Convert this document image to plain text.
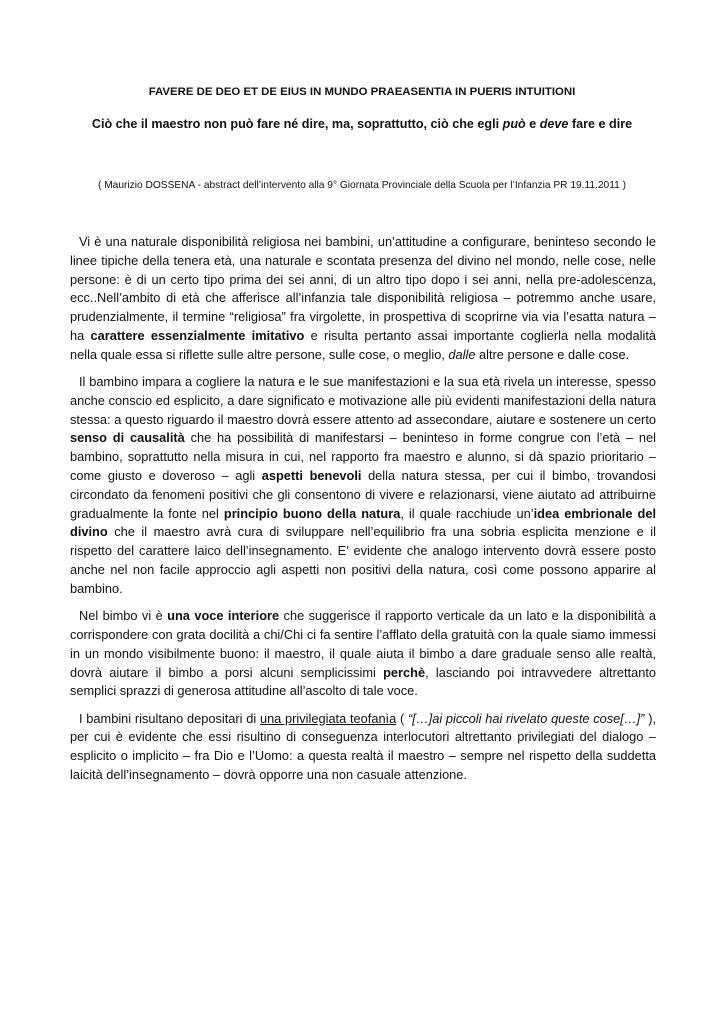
FAVERE DE DEO ET DE EIUS IN MUNDO PRAEASENTIA IN PUERIS INTUITIONI
Ciò che il maestro non può fare né dire, ma, soprattutto, ciò che egli può e deve fare e dire
( Maurizio DOSSENA - abstract dell’intervento alla 9° Giornata Provinciale della Scuola per l’Infanzia PR 19.11.2011 )

Vi è una naturale disponibilità religiosa nei bambini, un’attitudine a configurare, beninteso secondo le linee tipiche della tenera età, una naturale e scontata presenza del divino nel mondo, nelle cose, nelle persone: è di un certo tipo prima dei sei anni, di un altro tipo dopo i sei anni, nella pre-adolescenza, ecc..Nell’ambito di età che afferisce all’infanzia tale disponibilità religiosa – potremmo anche usare, prudenzialmente, il termine “religiosa” fra virgolette, in prospettiva di scoprirne via via l’esatta natura – ha carattere essenzialmente imitativo e risulta pertanto assai importante coglierla nella modalità nella quale essa si riflette sulle altre persone, sulle cose, o meglio, dalle altre persone e dalle cose.

Il bambino impara a cogliere la natura e le sue manifestazioni e la sua età rivela un interesse, spesso anche conscio ed esplicito, a dare significato e motivazione alle più evidenti manifestazioni della natura stessa: a questo riguardo il maestro dovrà essere attento ad assecondare, aiutare e sostenere un certo senso di causalità che ha possibilità di manifestarsi – beninteso in forme congrue con l’età – nel bambino, soprattutto nella misura in cui, nel rapporto fra maestro e alunno, si dà spazio prioritario – come giusto e doveroso – agli aspetti benevoli della natura stessa, per cui il bimbo, trovandosi circondato da fenomeni positivi che gli consentono di vivere e relazionarsi, viene aiutato ad attribuirne gradualmente la fonte nel principio buono della natura, il quale racchiude un’idea embrionale del divino che il maestro avrà cura di sviluppare nell’equilibrio fra una sobria esplicita menzione e il rispetto del carattere laico dell’insegnamento. E’ evidente che analogo intervento dovrà essere posto anche nel non facile approccio agli aspetti non positivi della natura, così come possono apparire al bambino.

Nel bimbo vi è una voce interiore che suggerisce il rapporto verticale da un lato e la disponibilità a corrispondere con grata docilità a chi/Chi ci fa sentire l’afflato della gratuità con la quale siamo immessi in un mondo visibilmente buono: il maestro, il quale aiuta il bimbo a dare graduale senso alle realtà, dovrà aiutare il bimbo a porsi alcuni semplicissimi perchè, lasciando poi intravvedere altrettanto semplici sprazzi di generosa attitudine all’ascolto di tale voce.

I bambini risultano depositari di una privilegiata teofanìa ( “[…]ai piccoli hai rivelato queste cose[…]” ), per cui è evidente che essi risultino di conseguenza interlocutori altrettanto privilegiati del dialogo – esplicito o implicito – fra Dio e l’Uomo: a questa realtà il maestro – sempre nel rispetto della suddetta laicità dell’insegnamento – dovrà opporre una non casuale attenzione.
